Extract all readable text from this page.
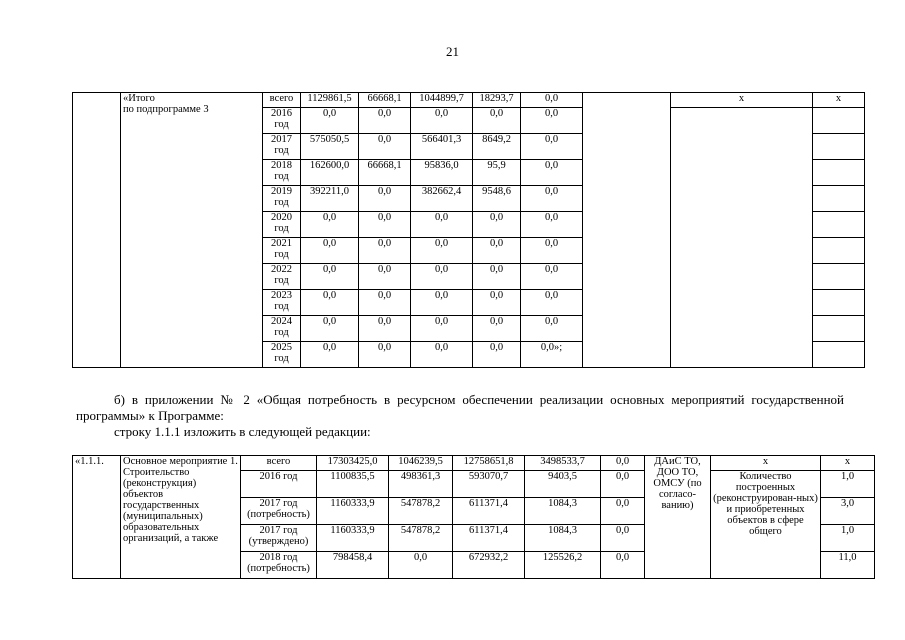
21

	«Итого
по подпрограмме 3	всего	1129861,5	66668,1	1044899,7	18293,7	0,0		х	х
		2016 год	0,0	0,0	0,0	0,0	0,0			
		2017 год	575050,5	0,0	566401,3	8649,2	0,0			
		2018 год	162600,0	66668,1	95836,0	95,9	0,0			
		2019 год	392211,0	0,0	382662,4	9548,6	0,0			
		2020 год	0,0	0,0	0,0	0,0	0,0			
		2021 год	0,0	0,0	0,0	0,0	0,0			
		2022 год	0,0	0,0	0,0	0,0	0,0			
		2023 год	0,0	0,0	0,0	0,0	0,0			
		2024 год	0,0	0,0	0,0	0,0	0,0			
		2025 год	0,0	0,0	0,0	0,0	0,0»;			
б) в приложении № 2 «Общая потребность в ресурсном обеспечении реализации основных мероприятий государственной программы» к Программе:
строку 1.1.1 изложить в следующей редакции:
«1.1.1.	Основное мероприятие 1. Строительство (реконструкция) объектов государственных (муниципальных) образовательных организаций, а также	всего	17303425,0	1046239,5	12758651,8	3498533,7	0,0	ДАиС ТО, ДОО ТО, ОМСУ (по согласо-ванию)	х	х
		2016 год	1100835,5	498361,3	593070,7	9403,5	0,0		Количество построенных (реконструирован-ных) и приобретенных объектов в сфере общего	1,0
		2017 год (потребность)	1160333,9	547878,2	611371,4	1084,3	0,0			3,0
		2017 год (утверждено)	1160333,9	547878,2	611371,4	1084,3	0,0			1,0
		2018 год (потребность)	798458,4	0,0	672932,2	125526,2	0,0			11,0
